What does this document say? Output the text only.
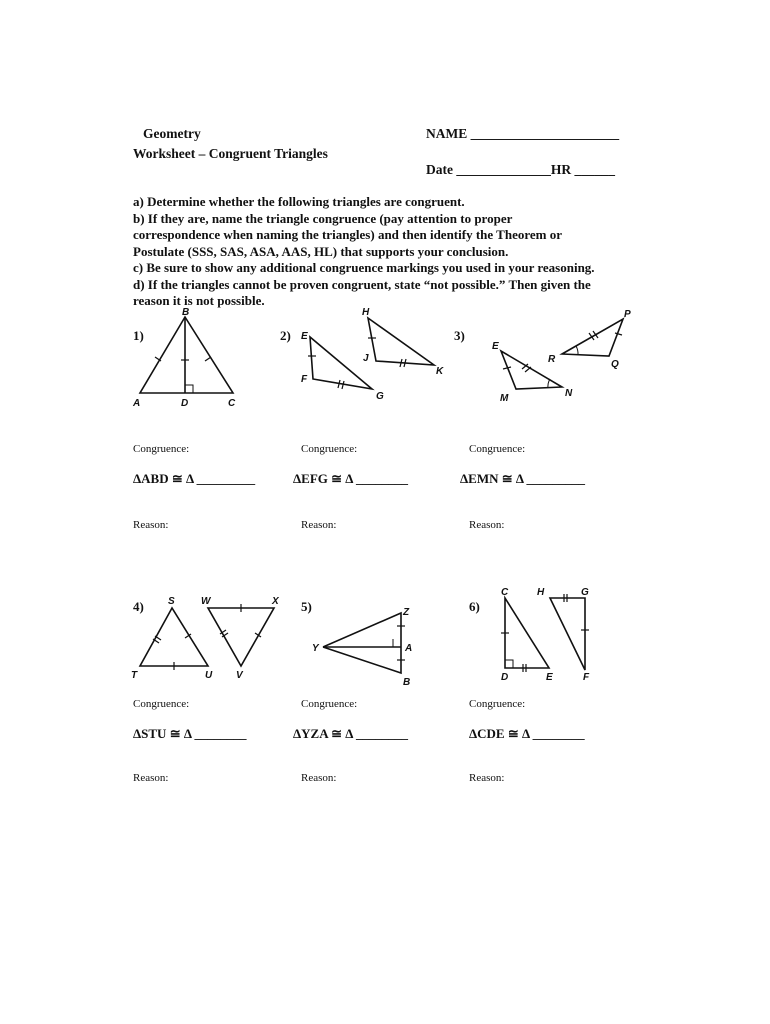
Geometry
Worksheet – Congruent Triangles
NAME ______________________
Date ______________HR ______
a) Determine whether the following triangles are congruent.
b) If they are, name the triangle congruence (pay attention to proper
correspondence when naming the triangles) and then identify the Theorem or
Postulate (SSS, SAS, ASA, AAS, HL) that supports your conclusion.
c) Be sure to show any additional congruence markings you used in your reasoning.
d) If the triangles cannot be proven congruent, state “not possible.” Then given the
reason it is not possible.
1)	2)	3)
4)	5)	6)
B
A	D	C
E
F
G
H
J
K
E
M	N
P
R	Q
S	W	X
T	U V
Z
Y	A
B
C	H	G
D	E	F
Congruence:	Congruence:	Congruence:
ΔABD ≅ Δ _________	ΔEFG ≅ Δ ________	ΔEMN ≅ Δ _________
Reason:	Reason:	Reason:
Congruence:	Congruence:	Congruence:
ΔSTU ≅ Δ ________	ΔYZA ≅ Δ ________	ΔCDE ≅ Δ ________
Reason:	Reason:	Reason:
